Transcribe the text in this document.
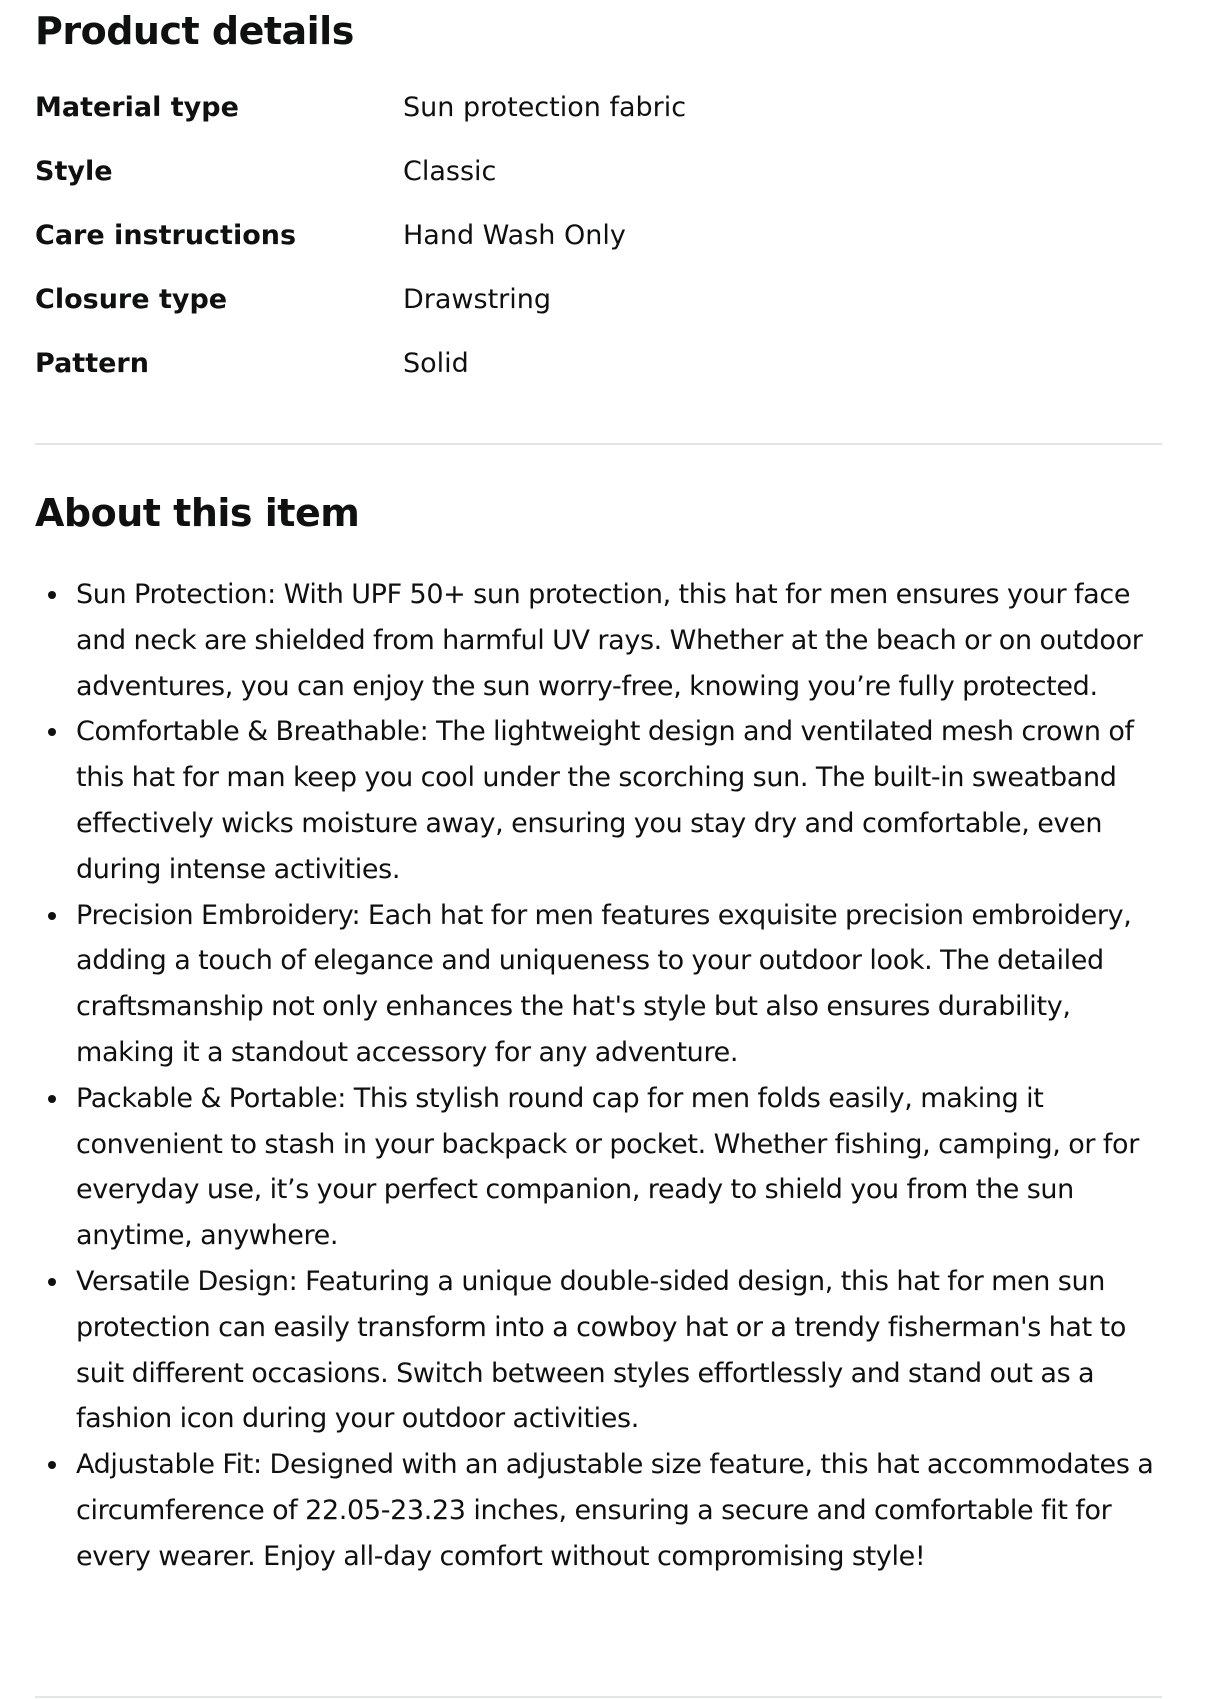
Product details
Material type	Sun protection fabric
Style	Classic
Care instructions	Hand Wash Only
Closure type	Drawstring
Pattern	Solid
About this item
Sun Protection: With UPF 50+ sun protection, this hat for men ensures your face and neck are shielded from harmful UV rays. Whether at the beach or on outdoor adventures, you can enjoy the sun worry-free, knowing you’re fully protected.
Comfortable & Breathable: The lightweight design and ventilated mesh crown of this hat for man keep you cool under the scorching sun. The built-in sweatband effectively wicks moisture away, ensuring you stay dry and comfortable, even during intense activities.
Precision Embroidery: Each hat for men features exquisite precision embroidery, adding a touch of elegance and uniqueness to your outdoor look. The detailed craftsmanship not only enhances the hat's style but also ensures durability, making it a standout accessory for any adventure.
Packable & Portable: This stylish round cap for men folds easily, making it convenient to stash in your backpack or pocket. Whether fishing, camping, or for everyday use, it’s your perfect companion, ready to shield you from the sun anytime, anywhere.
Versatile Design: Featuring a unique double-sided design, this hat for men sun protection can easily transform into a cowboy hat or a trendy fisherman's hat to suit different occasions. Switch between styles effortlessly and stand out as a fashion icon during your outdoor activities.
Adjustable Fit: Designed with an adjustable size feature, this hat accommodates a circumference of 22.05-23.23 inches, ensuring a secure and comfortable fit for every wearer. Enjoy all-day comfort without compromising style!
